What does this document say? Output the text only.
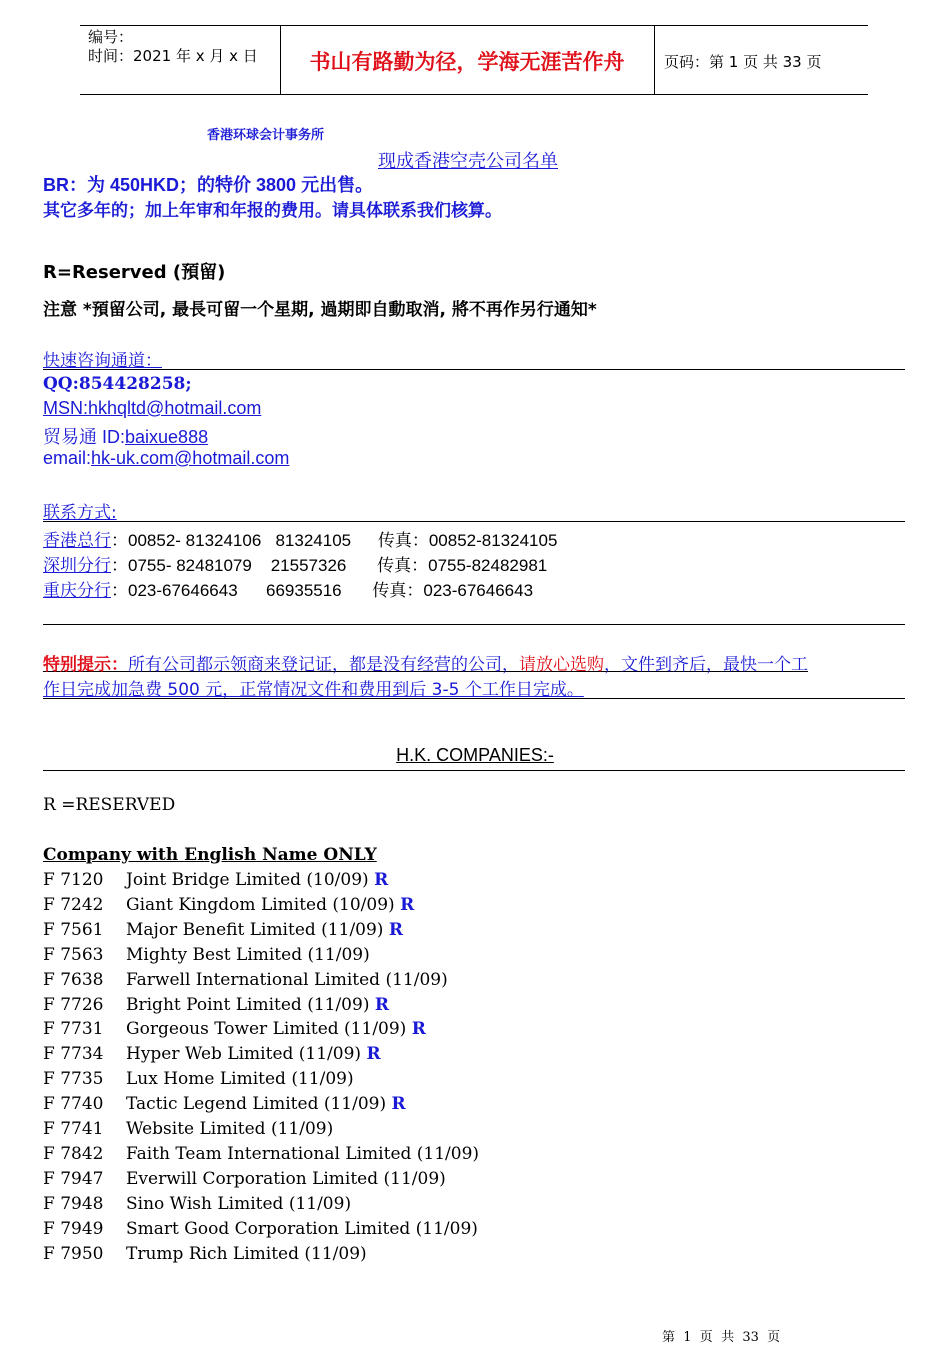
编号：
时间：2021 年 x 月 x 日	书山有路勤为径，学海无涯苦作舟	页码：第 1 页 共 33 页
香港环球会计事务所
现成香港空壳公司名单
BR：为 450HKD；的特价 3800 元出售。
其它多年的；加上年审和年报的费用。请具体联系我们核算。
R=Reserved (預留)
注意 *預留公司, 最長可留一个星期, 過期即自動取消, 將不再作另行通知*
快速咨询通道：
QQ:854428258;
MSN:hkhqltd@hotmail.com
贸易通 ID:baixue888
email:hk-uk.com@hotmail.com
联系方式:
香港总行：00852- 81324106   81324105 传真：00852-81324105
深圳分行：0755- 82481079    21557326 传真：0755-82482981
重庆分行：023-67646643      66935516 传真：023-67646643
特别提示：所有公司都示领商来登记证，都是没有经营的公司，请放心选购，文件到齐后，最快一个工
作日完成加急费 500 元，正常情况文件和费用到后 3-5 个工作日完成。
H.K. COMPANIES:-
R =RESERVED
Company with English Name ONLY
F 7120 Joint Bridge Limited (10/09) R
F 7242 Giant Kingdom Limited (10/09) R
F 7561 Major Benefit Limited (11/09) R
F 7563 Mighty Best Limited (11/09)
F 7638 Farwell International Limited (11/09)
F 7726 Bright Point Limited (11/09) R
F 7731 Gorgeous Tower Limited (11/09) R
F 7734 Hyper Web Limited (11/09) R
F 7735 Lux Home Limited (11/09)
F 7740 Tactic Legend Limited (11/09) R
F 7741 Website Limited (11/09)
F 7842 Faith Team International Limited (11/09)
F 7947 Everwill Corporation Limited (11/09)
F 7948 Sino Wish Limited (11/09)
F 7949 Smart Good Corporation Limited (11/09)
F 7950 Trump Rich Limited (11/09)
第  1  页  共  33  页
